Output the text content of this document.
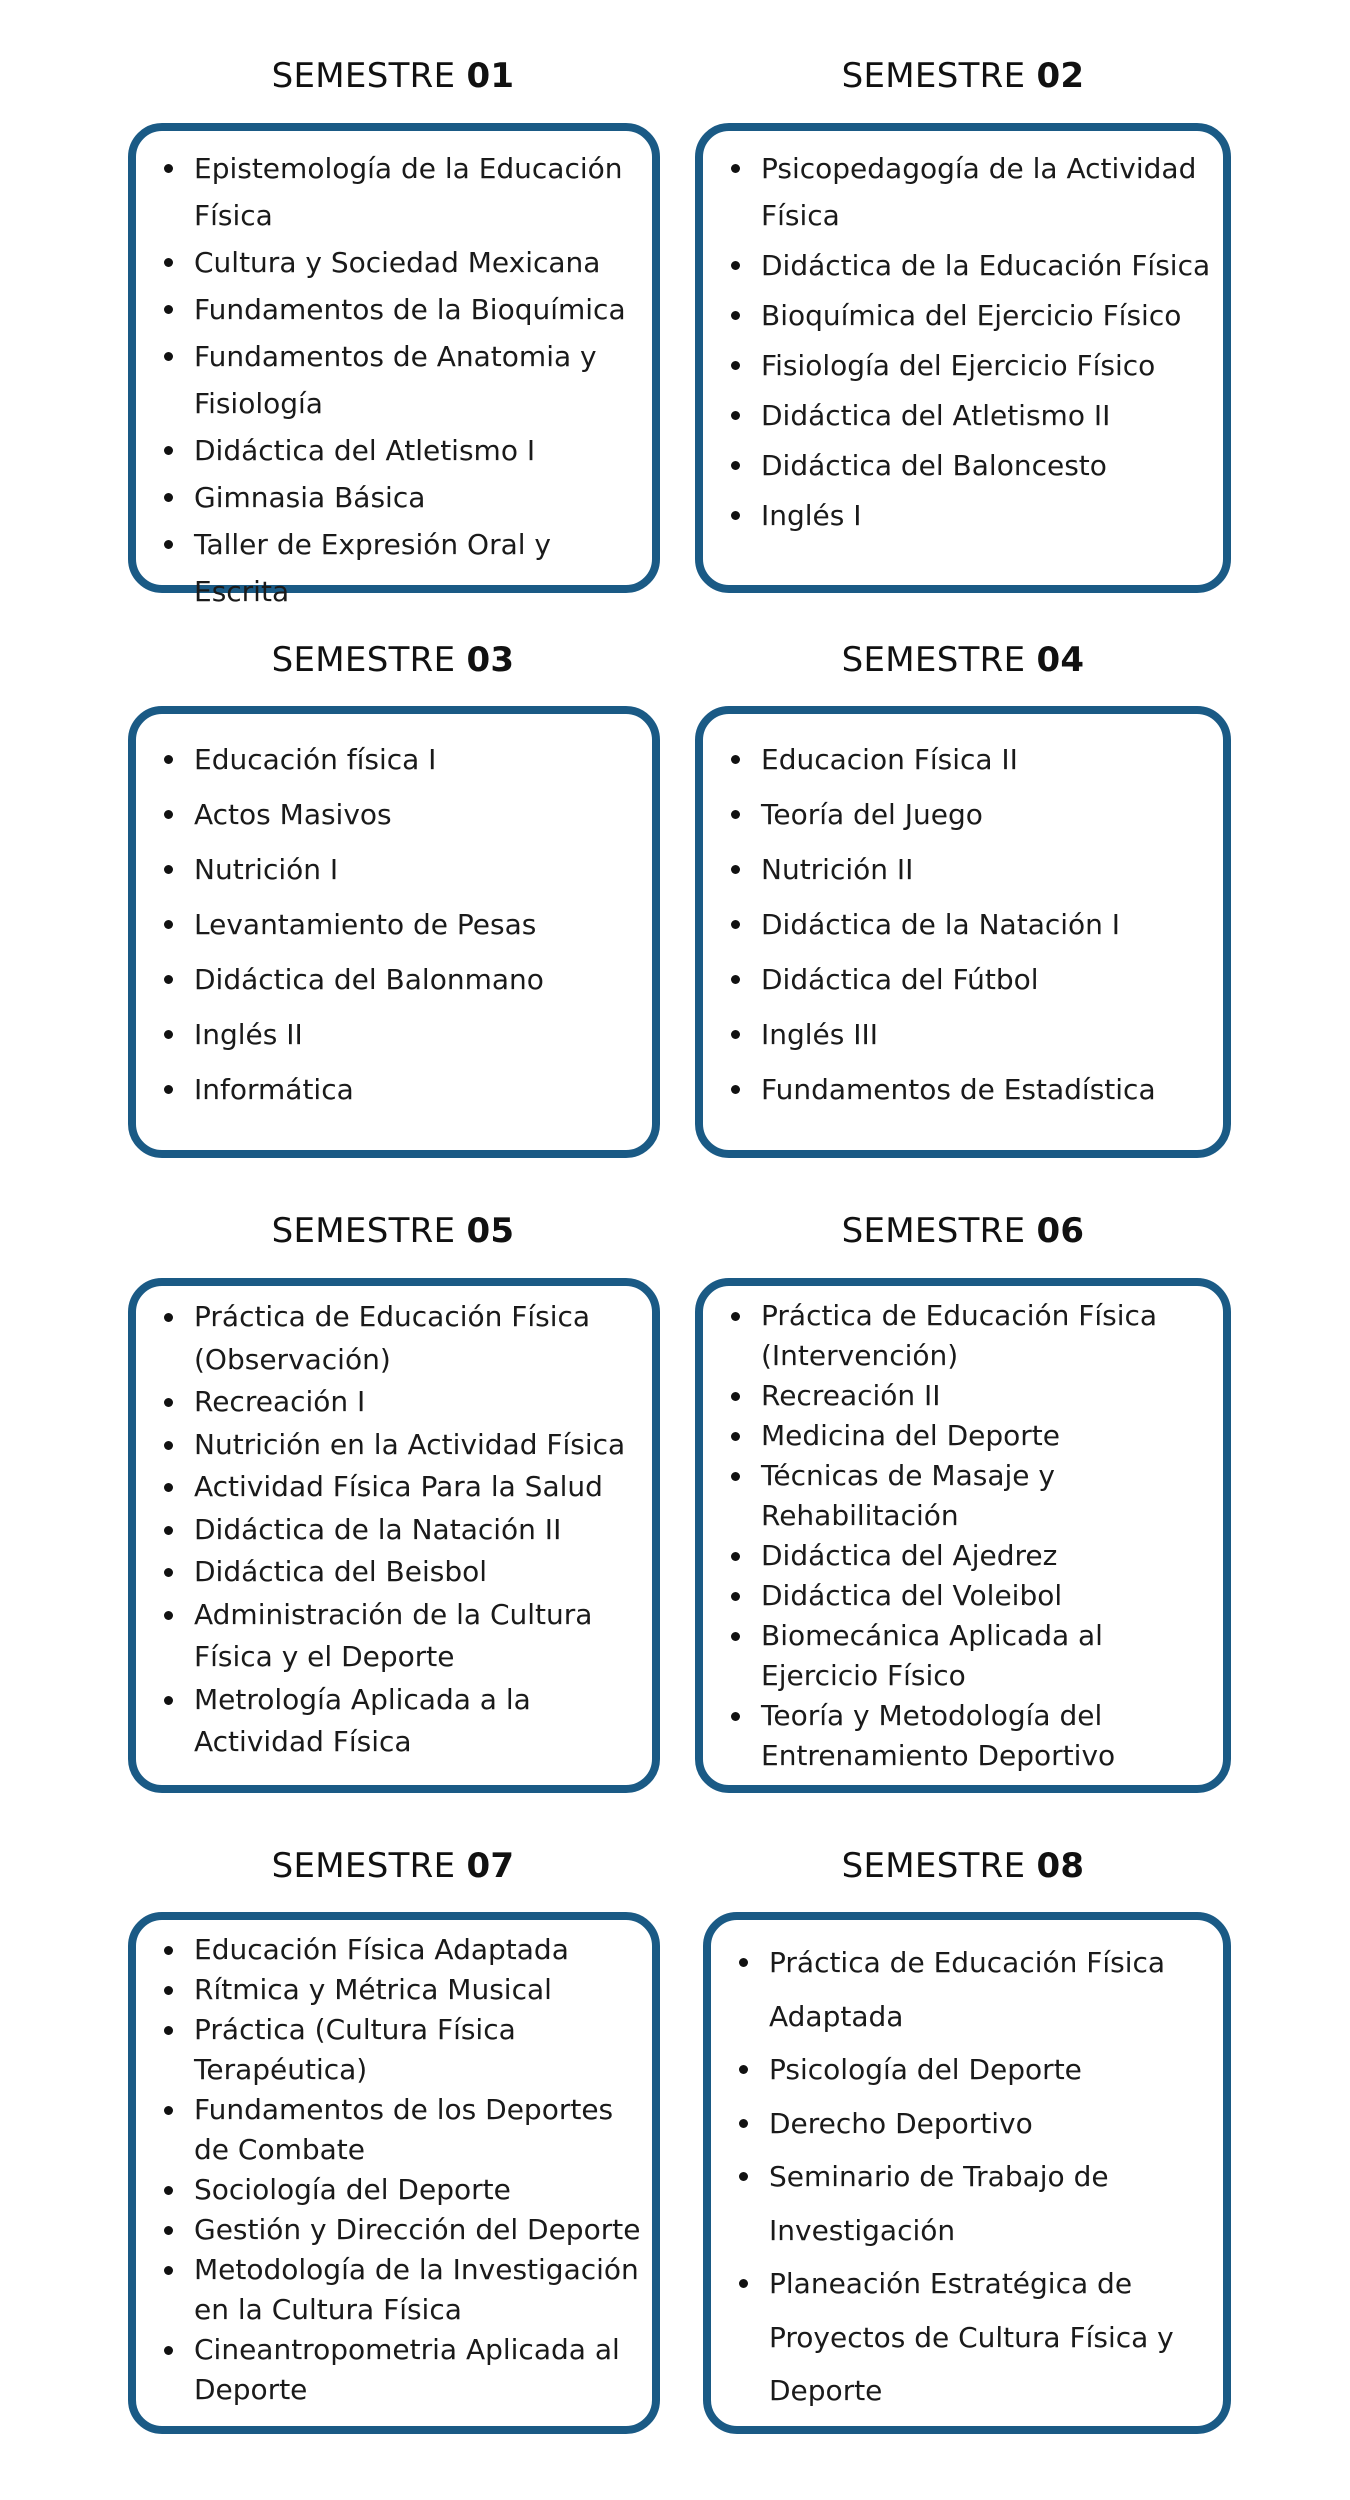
SEMESTRE 01
Epistemología de la Educación Física
Cultura y Sociedad Mexicana
Fundamentos de la Bioquímica
Fundamentos de Anatomia y Fisiología
Didáctica del Atletismo I
Gimnasia Básica
Taller de Expresión Oral y Escrita
SEMESTRE 02
Psicopedagogía de la Actividad Física
Didáctica de la Educación Física
Bioquímica del Ejercicio Físico
Fisiología del Ejercicio Físico
Didáctica del Atletismo II
Didáctica del Baloncesto
Inglés I
SEMESTRE 03
Educación física I
Actos Masivos
Nutrición I
Levantamiento de Pesas
Didáctica del Balonmano
Inglés II
Informática
SEMESTRE 04
Educacion Física II
Teoría del Juego
Nutrición II
Didáctica de la Natación I
Didáctica del Fútbol
Inglés III
Fundamentos de Estadística
SEMESTRE 05
Práctica de Educación Física (Observación)
Recreación I
Nutrición en la Actividad Física
Actividad Física Para la Salud
Didáctica de la Natación II
Didáctica del Beisbol
Administración de la Cultura Física y el Deporte
Metrología Aplicada a la Actividad Física
SEMESTRE 06
Práctica de Educación Física (Intervención)
Recreación II
Medicina del Deporte
Técnicas de Masaje y Rehabilitación
Didáctica del Ajedrez
Didáctica del Voleibol
Biomecánica Aplicada al Ejercicio Físico
Teoría y Metodología del Entrenamiento Deportivo
SEMESTRE 07
Educación Física Adaptada
Rítmica y Métrica Musical
Práctica (Cultura Física Terapéutica)
Fundamentos de los Deportes de Combate
Sociología del Deporte
Gestión y Dirección del Deporte
Metodología de la Investigación en la Cultura Física
Cineantropometria Aplicada al Deporte
SEMESTRE 08
Práctica de Educación Física Adaptada
Psicología del Deporte
Derecho Deportivo
Seminario de Trabajo de Investigación
Planeación Estratégica de Proyectos de Cultura Física y Deporte
